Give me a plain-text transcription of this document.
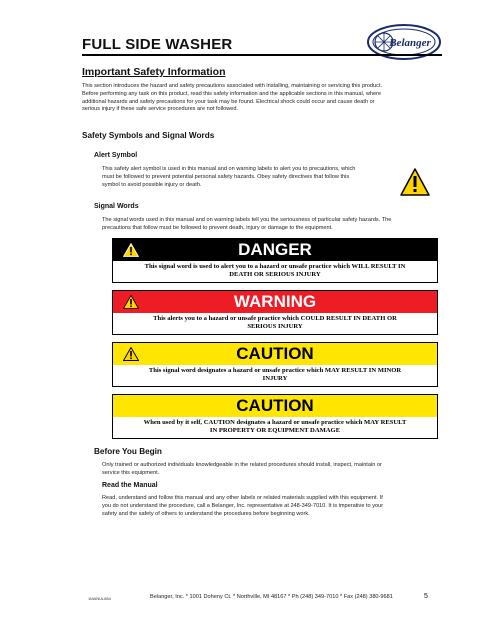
FULL SIDE WASHER	Belanger
Important Safety Information
This section introduces the hazard and safety precautions associated with installing, maintaining or servicing this product.
Before performing any task on this product, read this safety information and the applicable sections in this manual, where
additional hazards and safety precautions for your task may be found. Electrical shock could occur and cause death or
serious injury if these safe service procedures are not followed.
Safety Symbols and Signal Words
Alert Symbol
This safety alert symbol is used in this manual and on warning labels to alert you to precautions, which
must be followed to prevent potential personal safety hazards. Obey safety directives that follow this
symbol to avoid possible injury or death.
Signal Words
The signal words used in this manual and on warning labels tell you the seriousness of particular safety hazards. The
precautions that follow must be followed to prevent death, injury or damage to the equipment.
DANGER
This signal word is used to alert you to a hazard or unsafe practice which WILL RESULT IN
DEATH OR SERIOUS INJURY
WARNING
This alerts you to a hazard or unsafe practice which COULD RESULT IN DEATH OR
SERIOUS INJURY
CAUTION
This signal word designates a hazard or unsafe practice which MAY RESULT IN MINOR
INJURY
CAUTION
When used by it self, CAUTION designates a hazard or unsafe practice which MAY RESULT
IN PROPERTY OR EQUIPMENT DAMAGE
Before You Begin
Only trained or authorized individuals knowledgeable in the related procedures should install, inspect, maintain or
service this equipment.
Read the Manual
Read, understand and follow this manual and any other labels or related materials supplied with this equipment. If
you do not understand the procedure, call a Belanger, Inc. representative at 248-349-7010. It is imperative to your
safety and the safety of others to understand the procedures before beginning work.
1MANUL854	Belanger, Inc. * 1001 Doheny Ct. * Northville, MI 48167 * Ph (248) 349-7010 * Fax (248) 380-9681	5
